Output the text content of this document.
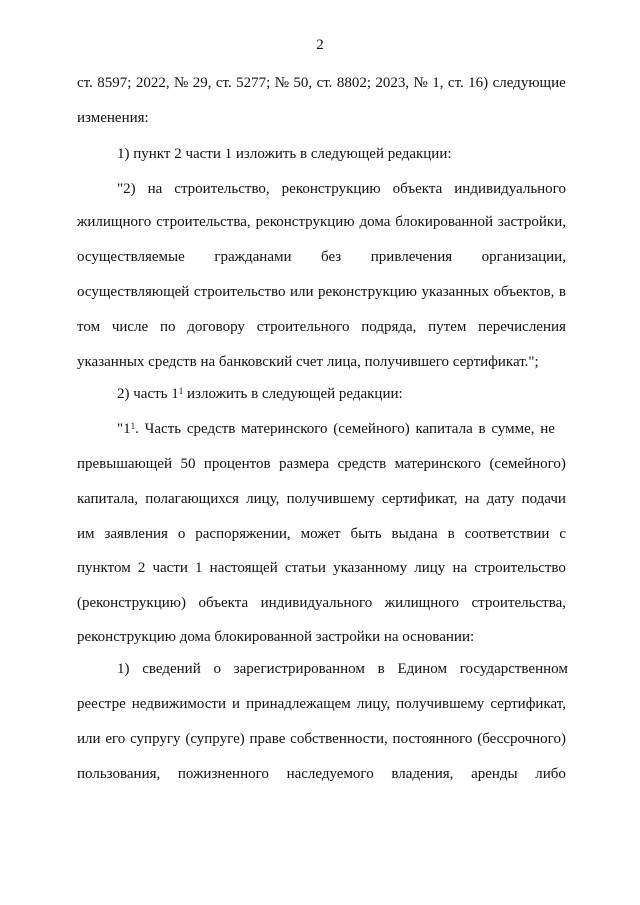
2
ст. 8597; 2022, № 29, ст. 5277; № 50, ст. 8802; 2023, № 1, ст. 16) следующие
изменения:
1) пункт 2 части 1 изложить в следующей редакции:
"2) на строительство, реконструкцию объекта индивидуального
жилищного строительства, реконструкцию дома блокированной застройки,
осуществляемые гражданами без привлечения организации,
осуществляющей строительство или реконструкцию указанных объектов, в
том числе по договору строительного подряда, путем перечисления
указанных средств на банковский счет лица, получившего сертификат.";
2) часть $1^1$ изложить в следующей редакции:
"$1^1$. Часть средств материнского (семейного) капитала в сумме, не
превышающей 50 процентов размера средств материнского (семейного)
капитала, полагающихся лицу, получившему сертификат, на дату подачи
им заявления о распоряжении, может быть выдана в соответствии с
пунктом 2 части 1 настоящей статьи указанному лицу на строительство
(реконструкцию) объекта индивидуального жилищного строительства,
реконструкцию дома блокированной застройки на основании:
1) сведений о зарегистрированном в Едином государственном
реестре недвижимости и принадлежащем лицу, получившему сертификат,
или его супругу (супруге) праве собственности, постоянного (бессрочного)
пользования, пожизненного наследуемого владения, аренды либо
